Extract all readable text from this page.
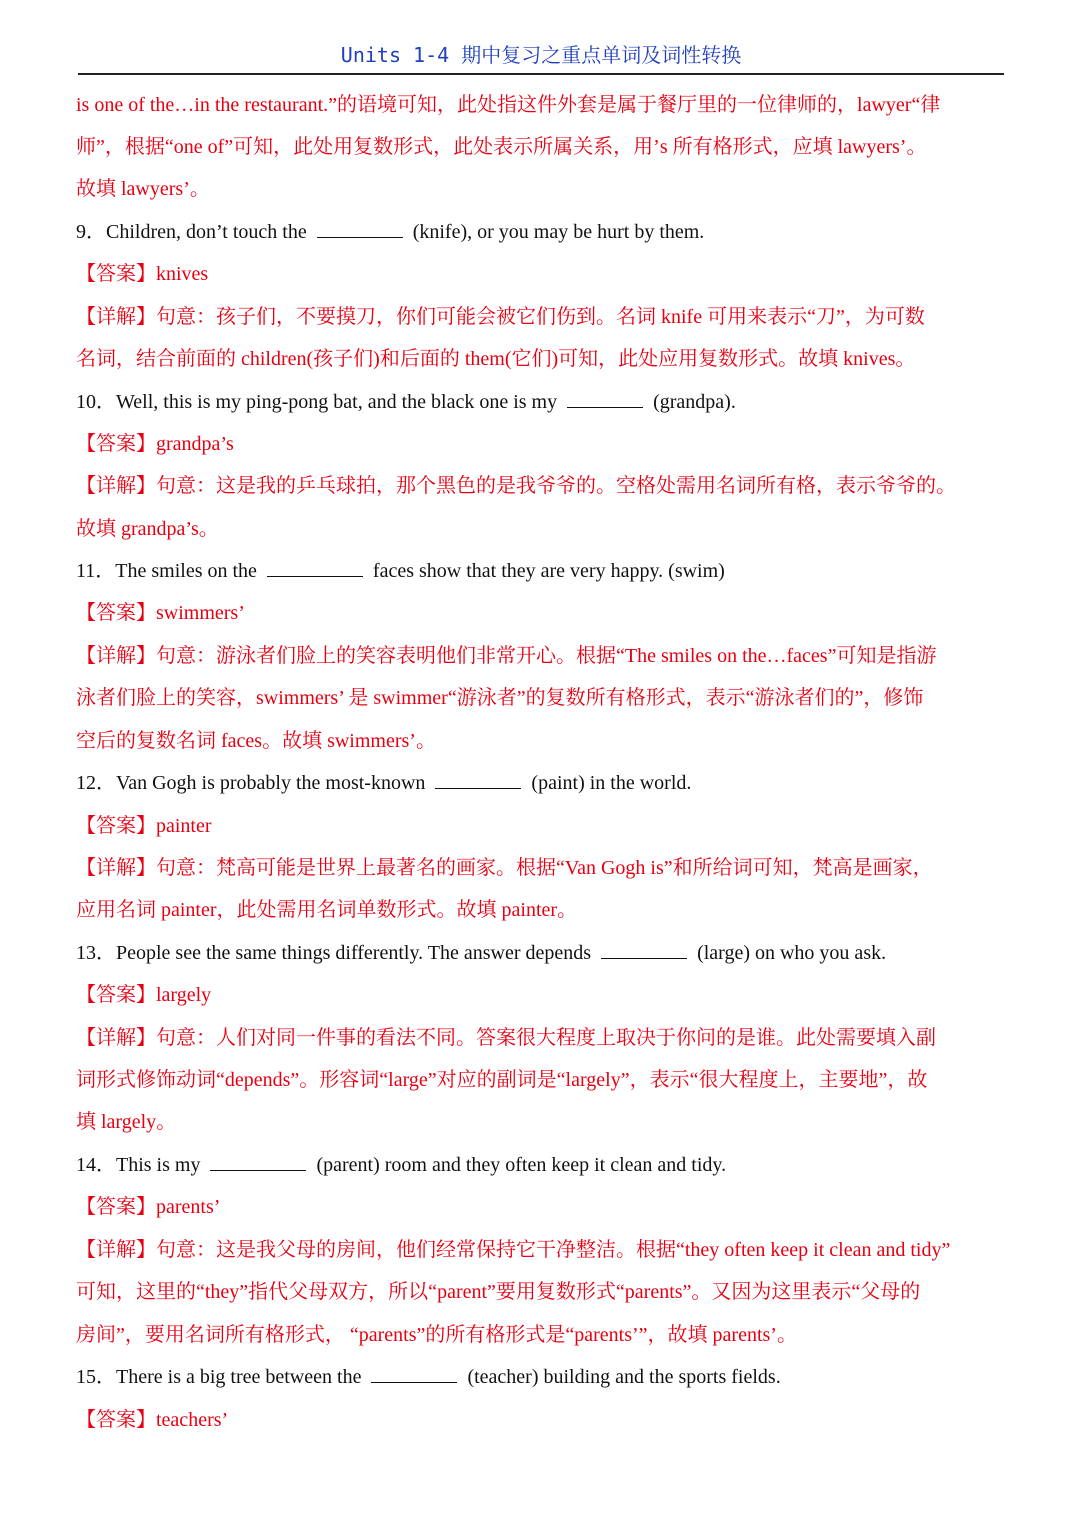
Units 1-4 期中复习之重点单词及词性转换
is one of the…in the restaurant.”的语境可知，此处指这件外套是属于餐厅里的一位律师的，lawyer“律
师”，根据“one of”可知，此处用复数形式，此处表示所属关系，用’s 所有格形式，应填 lawyers’。
故填 lawyers’。
9．Children, don’t touch the	(knife), or you may be hurt by them.
【答案】knives
【详解】句意：孩子们，不要摸刀，你们可能会被它们伤到。名词 knife 可用来表示“刀”，为可数
名词，结合前面的 children(孩子们)和后面的 them(它们)可知，此处应用复数形式。故填 knives。
10．Well, this is my ping-pong bat, and the black one is my	(grandpa).
【答案】grandpa’s
【详解】句意：这是我的乒乓球拍，那个黑色的是我爷爷的。空格处需用名词所有格，表示爷爷的。
故填 grandpa’s。
11．The smiles on the	faces show that they are very happy. (swim)
【答案】swimmers’
【详解】句意：游泳者们脸上的笑容表明他们非常开心。根据“The smiles on the…faces”可知是指游
泳者们脸上的笑容，swimmers’ 是 swimmer“游泳者”的复数所有格形式，表示“游泳者们的”，修饰
空后的复数名词 faces。故填 swimmers’。
12．Van Gogh is probably the most-known	(paint) in the world.
【答案】painter
【详解】句意：梵高可能是世界上最著名的画家。根据“Van Gogh is”和所给词可知，梵高是画家，
应用名词 painter，此处需用名词单数形式。故填 painter。
13．People see the same things differently. The answer depends	(large) on who you ask.
【答案】largely
【详解】句意：人们对同一件事的看法不同。答案很大程度上取决于你问的是谁。此处需要填入副
词形式修饰动词“depends”。形容词“large”对应的副词是“largely”，表示“很大程度上，主要地”，故
填 largely。
14．This is my	(parent) room and they often keep it clean and tidy.
【答案】parents’
【详解】句意：这是我父母的房间，他们经常保持它干净整洁。根据“they often keep it clean and tidy”
可知，这里的“they”指代父母双方，所以“parent”要用复数形式“parents”。又因为这里表示“父母的
房间”，要用名词所有格形式， “parents”的所有格形式是“parents’”，故填 parents’。
15．There is a big tree between the	(teacher) building and the sports fields.
【答案】teachers’
